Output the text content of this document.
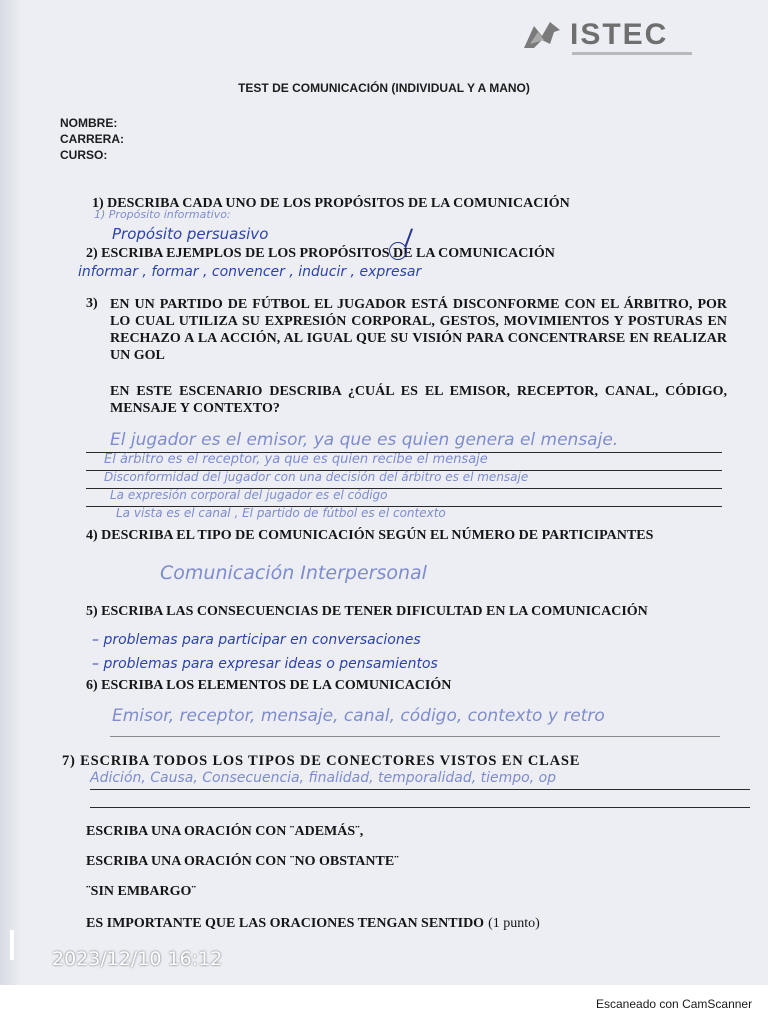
ISTEC
TEST DE COMUNICACIÓN (INDIVIDUAL Y A MANO)
NOMBRE:
CARRERA:
CURSO:
1) DESCRIBA CADA UNO DE LOS PROPÓSITOS DE LA COMUNICACIÓN
1) Propósito informativo:
Propósito persuasivo
2) ESCRIBA EJEMPLOS DE LOS PROPÓSITOS DE LA COMUNICACIÓN
informar , formar , convencer , inducir , expresar
3) EN UN PARTIDO DE FÚTBOL EL JUGADOR ESTÁ DISCONFORME CON EL ÁRBITRO, POR LO CUAL UTILIZA SU EXPRESIÓN CORPORAL, GESTOS, MOVIMIENTOS Y POSTURAS EN RECHAZO A LA ACCIÓN, AL IGUAL QUE SU VISIÓN PARA CONCENTRARSE EN REALIZAR UN GOL
EN ESTE ESCENARIO DESCRIBA ¿CUÁL ES EL EMISOR, RECEPTOR, CANAL, CÓDIGO, MENSAJE Y CONTEXTO?
El jugador es el emisor, ya que es quien genera el mensaje.
El árbitro es el receptor, ya que es quien recibe el mensaje
Disconformidad del jugador con una decisión del árbitro es el mensaje
La expresión corporal del jugador es el código
La vista es el canal , El partido de fútbol es el contexto
4) DESCRIBA EL TIPO DE COMUNICACIÓN SEGÚN EL NÚMERO DE PARTICIPANTES
Comunicación Interpersonal
5) ESCRIBA LAS CONSECUENCIAS DE TENER DIFICULTAD EN LA COMUNICACIÓN
– problemas para participar en conversaciones
– problemas para expresar ideas o pensamientos
6) ESCRIBA LOS ELEMENTOS DE LA COMUNICACIÓN
Emisor, receptor, mensaje, canal, código, contexto y retro
7) ESCRIBA TODOS LOS TIPOS DE CONECTORES VISTOS EN CLASE
Adición, Causa, Consecuencia, finalidad, temporalidad, tiempo, op
ESCRIBA UNA ORACIÓN CON ¨ADEMÁS¨,
ESCRIBA UNA ORACIÓN CON ¨NO OBSTANTE¨
¨SIN EMBARGO¨
ES IMPORTANTE QUE LAS ORACIONES TENGAN SENTIDO (1 punto)
2023/12/10 16:12
Escaneado con CamScanner
